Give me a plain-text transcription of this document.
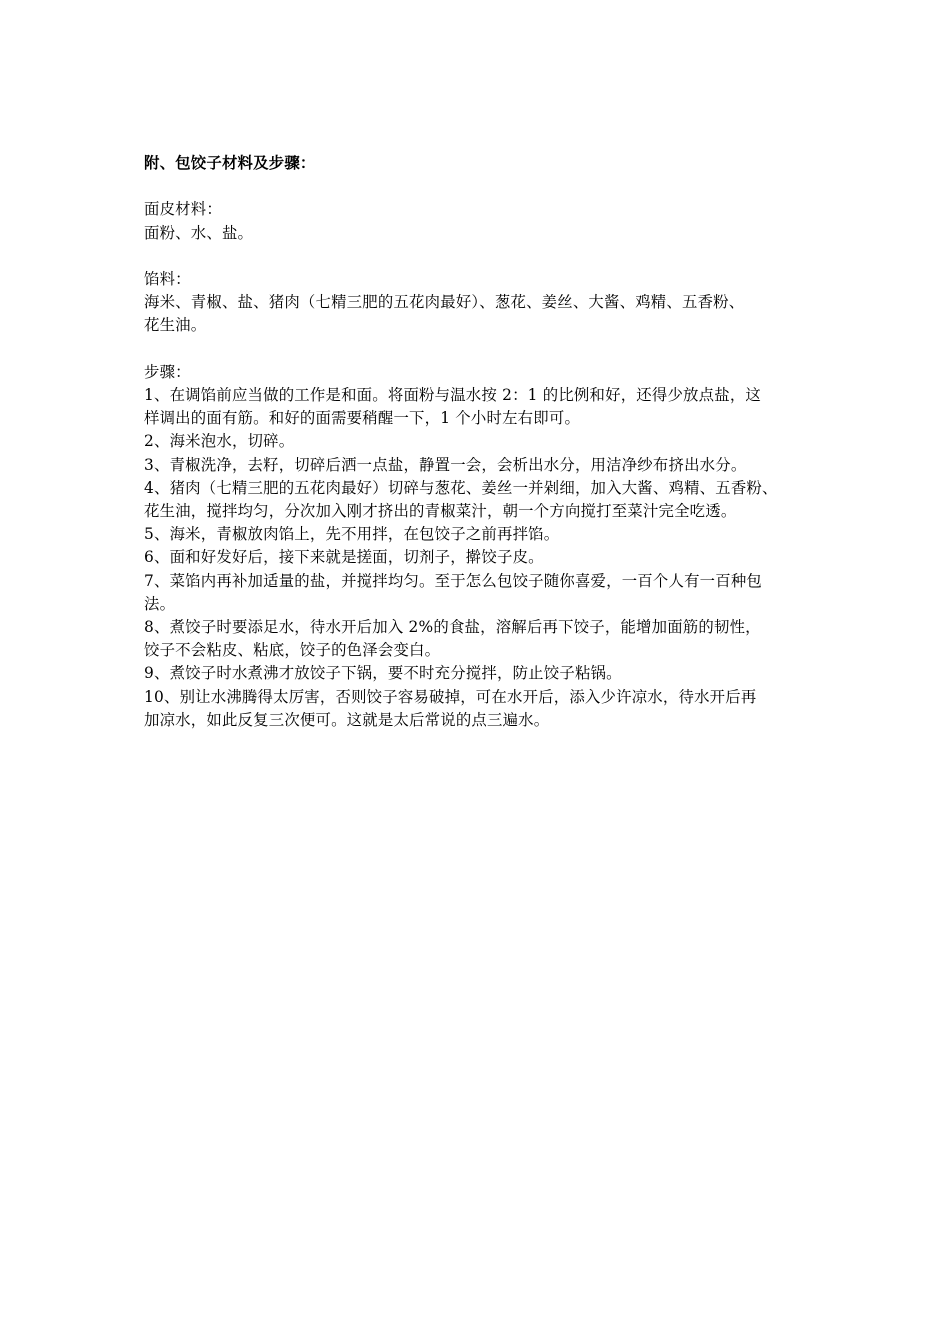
附、包饺子材料及步骤：

面皮材料：
面粉、水、盐。
馅料：
海米、青椒、盐、猪肉（七精三肥的五花肉最好）、葱花、姜丝、大酱、鸡精、五香粉、
花生油。
步骤：
1、在调馅前应当做的工作是和面。将面粉与温水按 2：1 的比例和好，还得少放点盐，这
样调出的面有筋。和好的面需要稍醒一下，1 个小时左右即可。
2、海米泡水，切碎。
3、青椒洗净，去籽，切碎后洒一点盐，静置一会，会析出水分，用洁净纱布挤出水分。
4、猪肉（七精三肥的五花肉最好）切碎与葱花、姜丝一并剁细，加入大酱、鸡精、五香粉、
花生油，搅拌均匀，分次加入刚才挤出的青椒菜汁，朝一个方向搅打至菜汁完全吃透。
5、海米，青椒放肉馅上，先不用拌，在包饺子之前再拌馅。
6、面和好发好后，接下来就是搓面，切剂子，擀饺子皮。
7、菜馅内再补加适量的盐，并搅拌均匀。至于怎么包饺子随你喜爱，一百个人有一百种包
法。
8、煮饺子时要添足水，待水开后加入 2%的食盐，溶解后再下饺子，能增加面筋的韧性，
饺子不会粘皮、粘底，饺子的色泽会变白。
9、煮饺子时水煮沸才放饺子下锅，要不时充分搅拌，防止饺子粘锅。
10、别让水沸腾得太厉害，否则饺子容易破掉，可在水开后，添入少许凉水，待水开后再
加凉水，如此反复三次便可。这就是太后常说的点三遍水。
